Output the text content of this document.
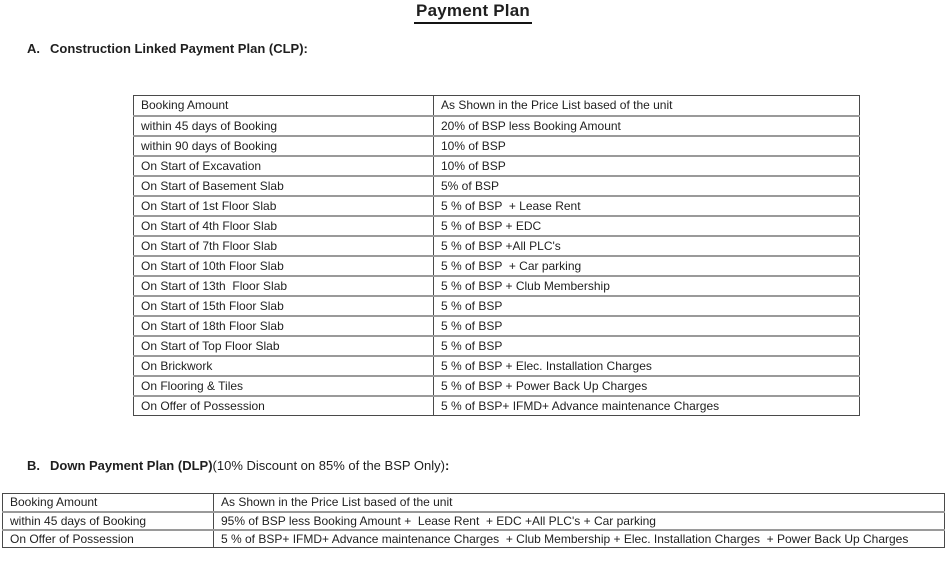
Payment Plan
A. Construction Linked Payment Plan (CLP):
Booking Amount	As Shown in the Price List based of the unit
within 45 days of Booking	20% of BSP less Booking Amount
within 90 days of Booking	10% of BSP
On Start of Excavation	10% of BSP
On Start of Basement Slab	5% of BSP
On Start of 1st Floor Slab	5 % of BSP  + Lease Rent
On Start of 4th Floor Slab	5 % of BSP + EDC
On Start of 7th Floor Slab	5 % of BSP +All PLC's
On Start of 10th Floor Slab	5 % of BSP  + Car parking
On Start of 13th  Floor Slab	5 % of BSP + Club Membership
On Start of 15th Floor Slab	5 % of BSP
On Start of 18th Floor Slab	5 % of BSP
On Start of Top Floor Slab	5 % of BSP
On Brickwork	5 % of BSP + Elec. Installation Charges
On Flooring & Tiles	5 % of BSP + Power Back Up Charges
On Offer of Possession	5 % of BSP+ IFMD+ Advance maintenance Charges
B. Down Payment Plan (DLP)(10% Discount on 85% of the BSP Only):
Booking Amount	As Shown in the Price List based of the unit
within 45 days of Booking	95% of BSP less Booking Amount +  Lease Rent  + EDC +All PLC's + Car parking
On Offer of Possession	5 % of BSP+ IFMD+ Advance maintenance Charges  + Club Membership + Elec. Installation Charges  + Power Back Up Charges
